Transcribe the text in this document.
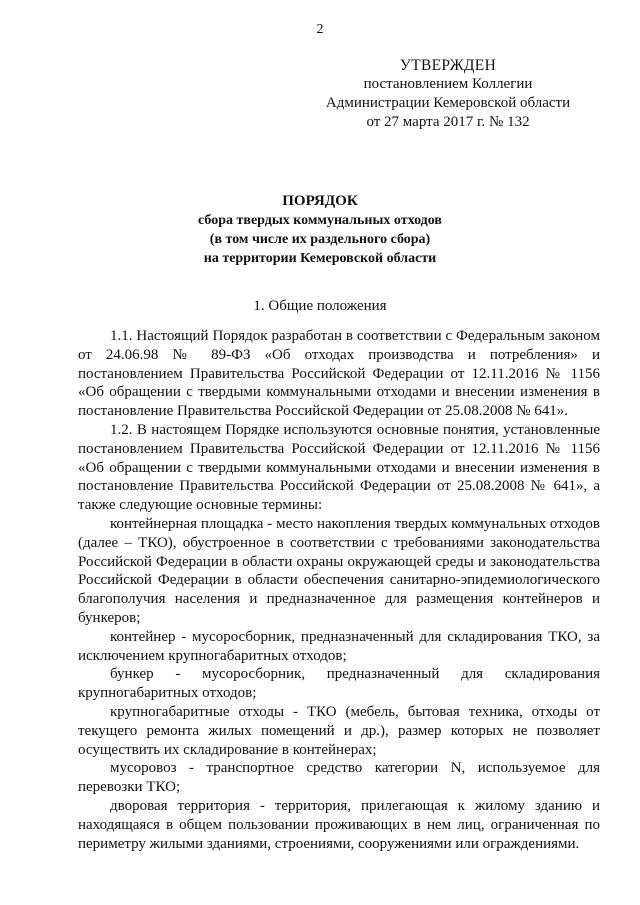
2
УТВЕРЖДЕН
постановлением Коллегии
Администрации Кемеровской области
от 27 марта 2017 г. № 132
ПОРЯДОК
сбора твердых коммунальных отходов
(в том числе их раздельного сбора)
на территории Кемеровской области
1. Общие положения

1.1. Настоящий Порядок разработан в соответствии с Федеральным законом от 24.06.98 № 89-ФЗ «Об отходах производства и потребления» и постановлением Правительства Российской Федерации от 12.11.2016 № 1156 «Об обращении с твердыми коммунальными отходами и внесении изменения в постановление Правительства Российской Федерации от 25.08.2008 № 641».

1.2. В настоящем Порядке используются основные понятия, установленные постановлением Правительства Российской Федерации от 12.11.2016 № 1156 «Об обращении с твердыми коммунальными отходами и внесении изменения в постановление Правительства Российской Федерации от 25.08.2008 № 641», а также следующие основные термины:

контейнерная площадка - место накопления твердых коммунальных отходов (далее – ТКО), обустроенное в соответствии с требованиями законодательства Российской Федерации в области охраны окружающей среды и законодательства Российской Федерации в области обеспечения санитарно-эпидемиологического благополучия населения и предназначенное для размещения контейнеров и бункеров;

контейнер - мусоросборник, предназначенный для складирования ТКО, за исключением крупногабаритных отходов;

бункер - мусоросборник, предназначенный для складирования крупногабаритных отходов;

крупногабаритные отходы - ТКО (мебель, бытовая техника, отходы от текущего ремонта жилых помещений и др.), размер которых не позволяет осуществить их складирование в контейнерах;

мусоровоз - транспортное средство категории N, используемое для перевозки ТКО;

дворовая территория - территория, прилегающая к жилому зданию и находящаяся в общем пользовании проживающих в нем лиц, ограниченная по периметру жилыми зданиями, строениями, сооружениями или ограждениями.
